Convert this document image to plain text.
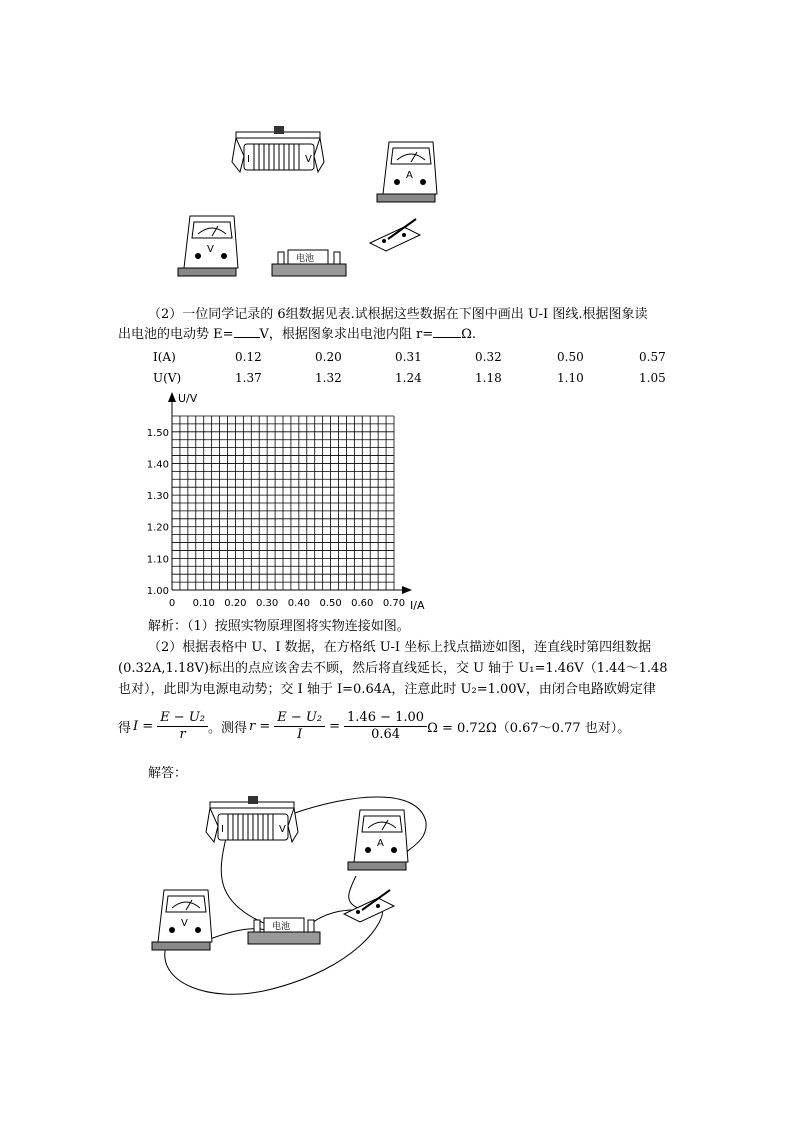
I	V
A
V
电池
（2）一位同学记录的 6组数据见表.试根据这些数据在下图中画出 U-I 图线.根据图象读
出电池的电动势 E= V，根据图象求出电池内阻 r= Ω.
I(A)	0.12	0.20	0.31	0.32	0.50	0.57
U(V)	1.37	1.32	1.24	1.18	1.10	1.05
U/V
I/A
1.50
1.40
1.30
1.20
1.10
1.00
0 0.10 0.20 0.30 0.40 0.50 0.60 0.70
解析：（1）按照实物原理图将实物连接如图。
（2）根据表格中 U、I 数据，在方格纸 U-I 坐标上找点描迹如图，连直线时第四组数据
(0.32A,1.18V)标出的点应该舍去不顾，然后将直线延长，交 U 轴于 U₁=1.46V（1.44～1.48
也对），此即为电源电动势；交 I 轴于 I=0.64A，注意此时 U₂=1.00V，由闭合电路欧姆定律
得 $I = \frac{\text{E − U₂}}{r}$ 。测得 $r = \frac{\text{E − U₂}}{I} = \frac{1.46 - 1.00}{0.64}$ Ω = 0.72Ω（0.67～0.77 也对）。
解答：
I	V
A
V	电池
